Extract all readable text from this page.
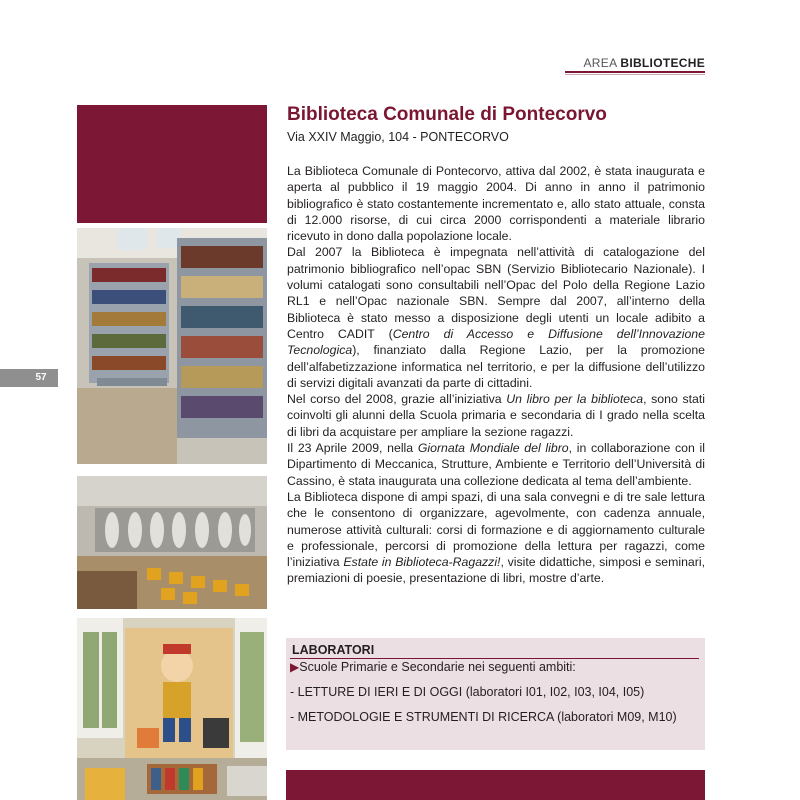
AREA BIBLIOTECHE
57
Biblioteca Comunale di Pontecorvo
Via XXIV Maggio, 104 - PONTECORVO

La Biblioteca Comunale di Pontecorvo, attiva dal 2002, è stata inaugurata e aperta al pubblico il 19 maggio 2004. Di anno in anno il patrimonio bibliografico è stato costantemente incrementato e, allo stato attuale, consta di 12.000 risorse, di cui circa 2000 corrispondenti a materiale librario ricevuto in dono dalla popolazione locale.

Dal 2007 la Biblioteca è impegnata nell’attività di catalogazione del patrimonio bibliografico nell’opac SBN (Servizio Bibliotecario Nazionale). I volumi catalogati sono consultabili nell’Opac del Polo della Regione Lazio RL1 e nell’Opac nazionale SBN. Sempre dal 2007, all’interno della Biblioteca è stato messo a disposizione degli utenti un locale adibito a Centro CADIT (Centro di Accesso e Diffusione dell’Innovazione Tecnologica), finanziato dalla Regione Lazio, per la promozione dell’alfabetizzazione informatica nel territorio, e per la diffusione dell’utilizzo di servizi digitali avanzati da parte di cittadini.

Nel corso del 2008, grazie all’iniziativa Un libro per la biblioteca, sono stati coinvolti gli alunni della Scuola primaria e secondaria di I grado nella scelta di libri da acquistare per ampliare la sezione ragazzi.

Il 23 Aprile 2009, nella Giornata Mondiale del libro, in collaborazione con il Dipartimento di Meccanica, Strutture, Ambiente e Territorio dell’Università di Cassino, è stata inaugurata una collezione dedicata al tema dell’ambiente.

La Biblioteca dispone di ampi spazi, di una sala convegni e di tre sale lettura che le consentono di organizzare, agevolmente, con cadenza annuale, numerose attività culturali: corsi di formazione e di aggiornamento culturale e professionale, percorsi di promozione della lettura per ragazzi, come l’iniziativa Estate in Biblioteca-Ragazzi!, visite didattiche, simposi e seminari, premiazioni di poesie, presentazione di libri, mostre d’arte.

LABORATORI
▶Scuole Primarie e Secondarie nei seguenti ambiti:
- LETTURE DI IERI E DI OGGI (laboratori I01, I02, I03, I04, I05)
- METODOLOGIE E STRUMENTI DI RICERCA (laboratori M09, M10)
